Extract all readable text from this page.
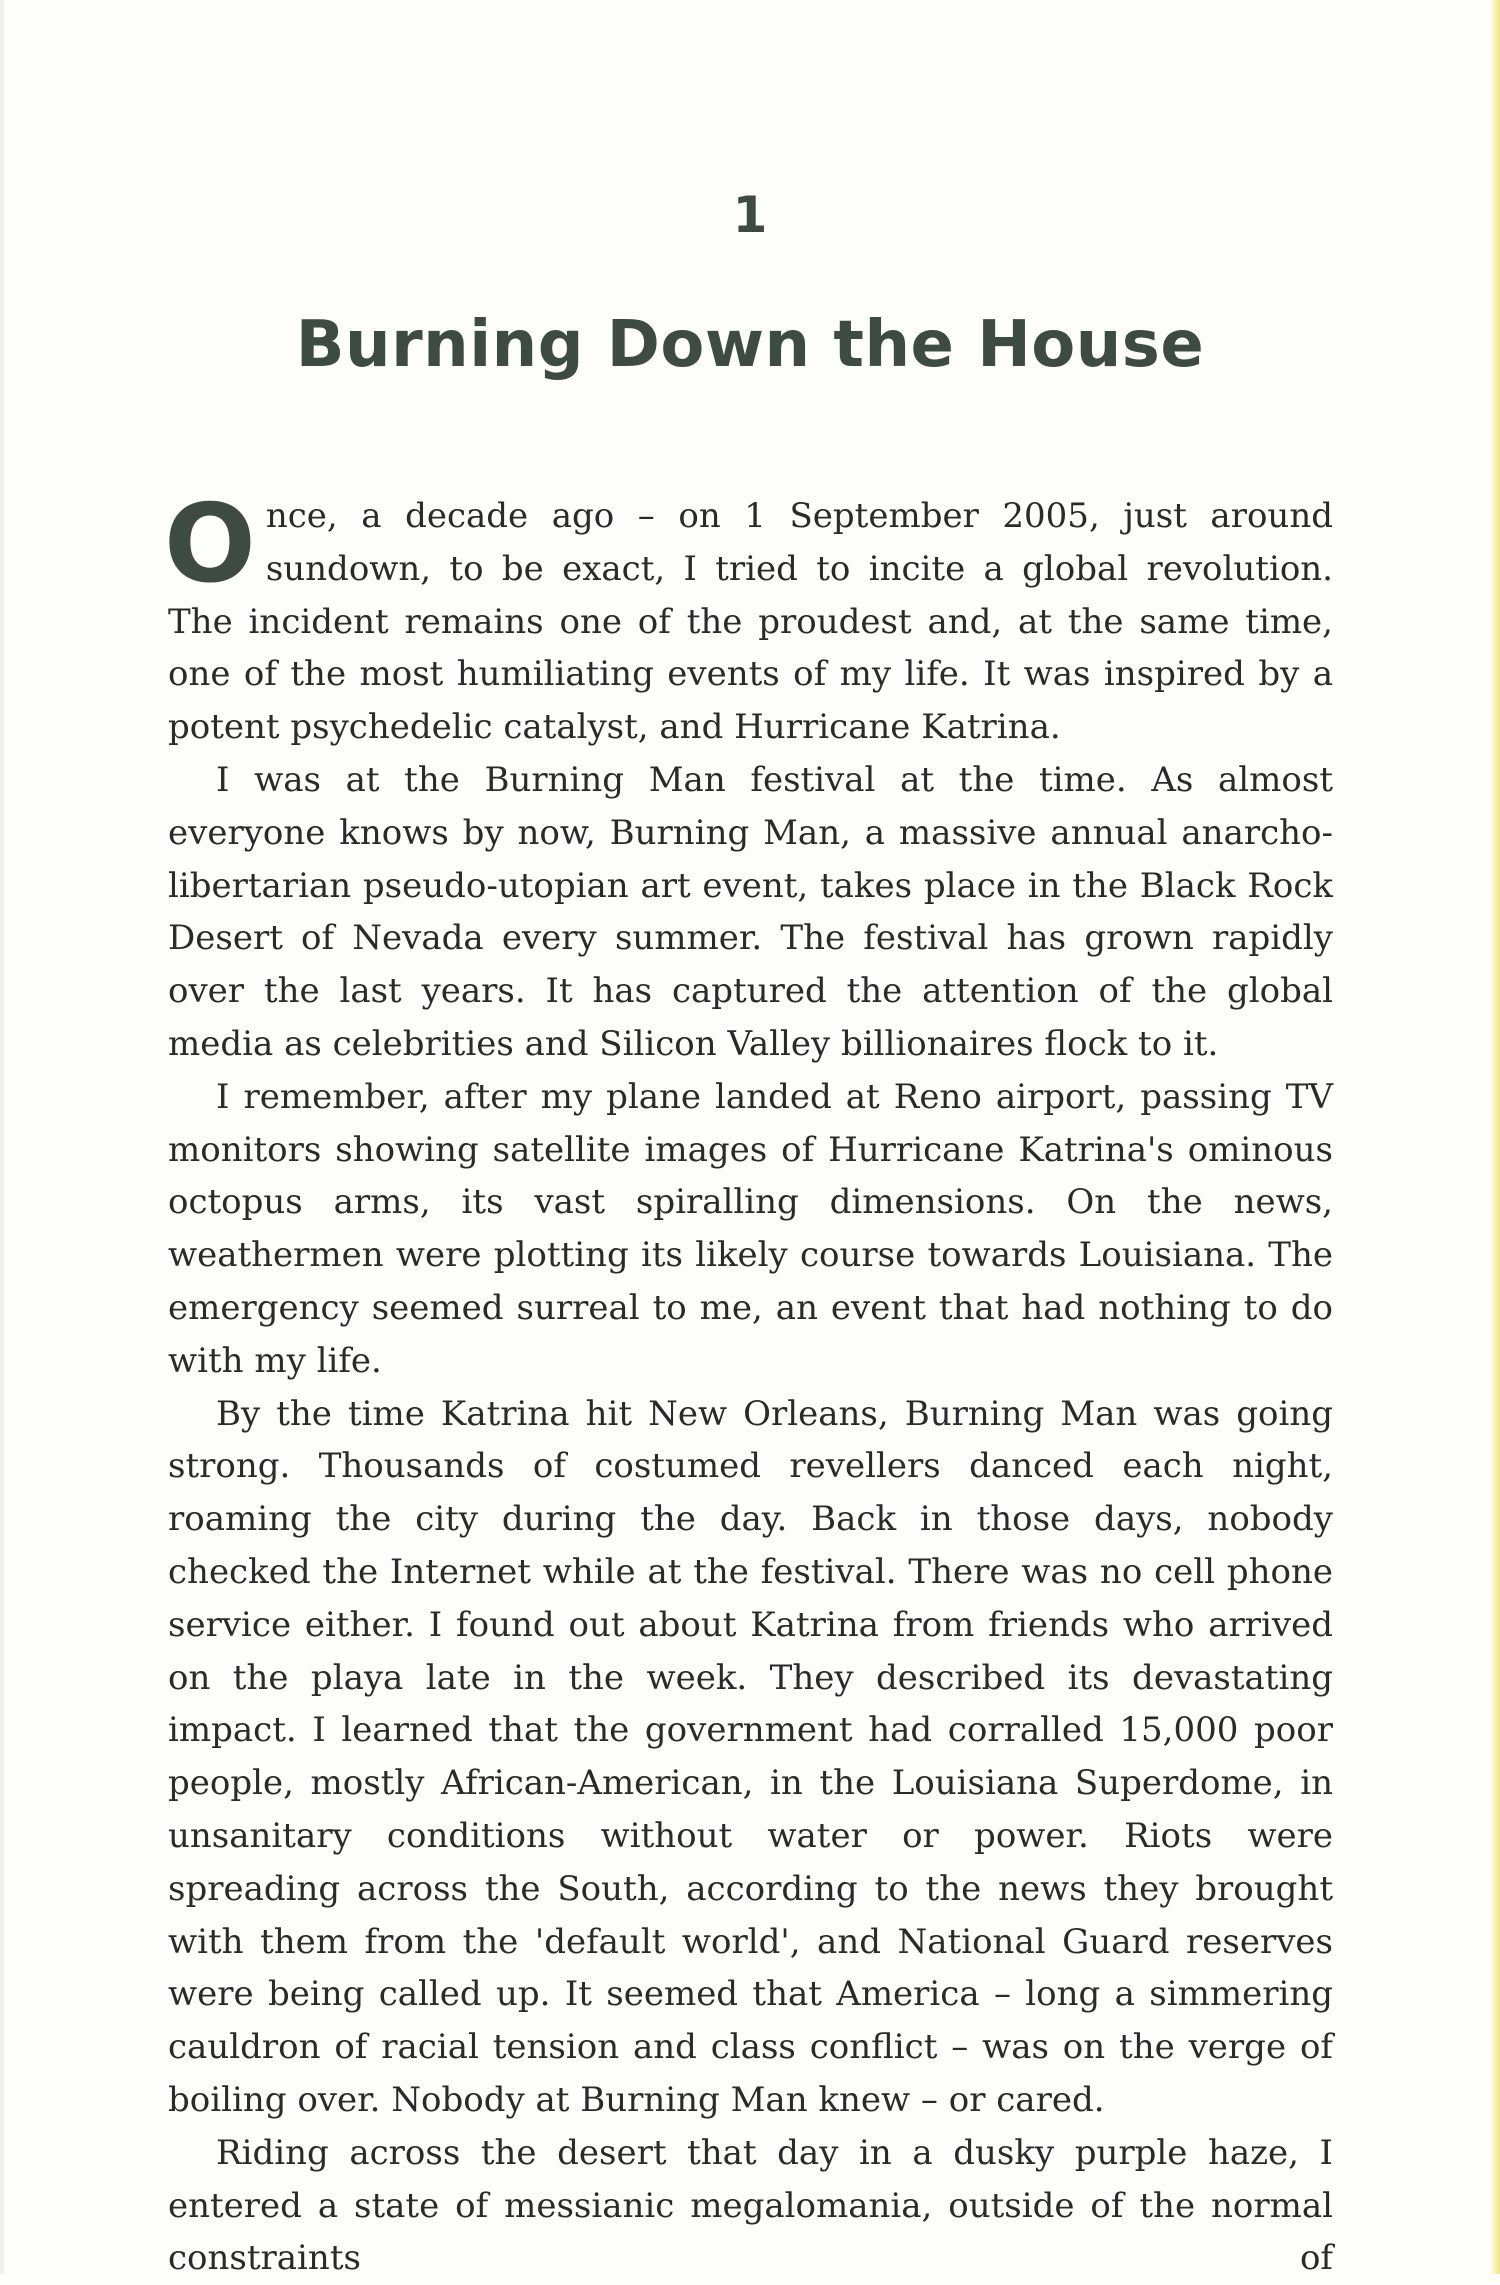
1
Burning Down the House

Once, a decade ago – on 1 September 2005, just around sundown, to be exact, I tried to incite a global revolution. The incident remains one of the proudest and, at the same time, one of the most humiliating events of my life. It was inspired by a potent psychedelic catalyst, and Hurricane Katrina.

I was at the Burning Man festival at the time. As almost everyone knows by now, Burning Man, a massive annual anarcho-libertarian pseudo-utopian art event, takes place in the Black Rock Desert of Nevada every summer. The festival has grown rapidly over the last years. It has captured the attention of the global media as celebrities and Silicon Valley billionaires flock to it.

I remember, after my plane landed at Reno airport, passing TV monitors showing satellite images of Hurricane Katrina's ominous octopus arms, its vast spiralling dimensions. On the news, weathermen were plotting its likely course towards Louisiana. The emergency seemed surreal to me, an event that had nothing to do with my life.

By the time Katrina hit New Orleans, Burning Man was going strong. Thousands of costumed revellers danced each night, roaming the city during the day. Back in those days, nobody checked the Internet while at the festival. There was no cell phone service either. I found out about Katrina from friends who arrived on the playa late in the week. They described its devastating impact. I learned that the government had corralled 15,000 poor people, mostly African-American, in the Louisiana Superdome, in unsanitary conditions without water or power. Riots were spreading across the South, according to the news they brought with them from the 'default world', and National Guard reserves were being called up. It seemed that America – long a simmering cauldron of racial tension and class conflict – was on the verge of boiling over. Nobody at Burning Man knew – or cared.

Riding across the desert that day in a dusky purple haze, I entered a state of messianic megalomania, outside of the normal constraints of
